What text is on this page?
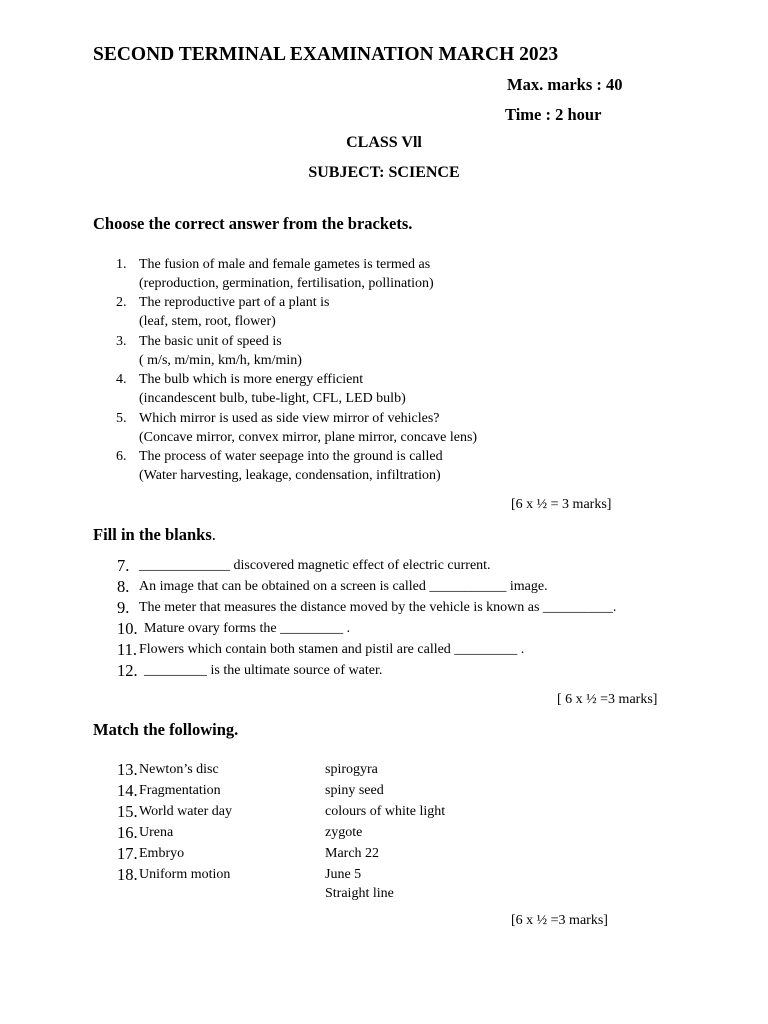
SECOND TERMINAL EXAMINATION MARCH 2023
Max. marks : 40
Time : 2 hour
CLASS Vll
SUBJECT: SCIENCE
Choose the correct answer from the brackets.
1. The fusion of male and female gametes is termed as
(reproduction, germination, fertilisation, pollination)
2. The reproductive part of a plant is
(leaf, stem, root, flower)
3. The basic unit of speed is
( m/s, m/min, km/h, km/min)
4. The bulb which is more energy efficient
(incandescent bulb, tube-light, CFL, LED bulb)
5. Which mirror is used as side view mirror of vehicles?
(Concave mirror, convex mirror, plane mirror, concave lens)
6. The process of water seepage into the ground is called
(Water harvesting, leakage, condensation, infiltration)
[6 x ½ = 3 marks]
Fill in the blanks.
7. _____________ discovered magnetic effect of electric current.
8. An image that can be obtained on a screen is called ___________ image.
9. The meter that measures the distance moved by the vehicle is known as __________.
10. Mature ovary forms the _________ .
11. Flowers which contain both stamen and pistil are called _________ .
12. _________ is the ultimate source of water.
[ 6 x ½ =3 marks]
Match the following.
13. Newton’s disc
14. Fragmentation
15. World water day
16. Urena
17. Embryo
18. Uniform motion
spirogyra
spiny seed
colours of white light
zygote
March 22
June 5
Straight line
[6 x ½ =3 marks]
